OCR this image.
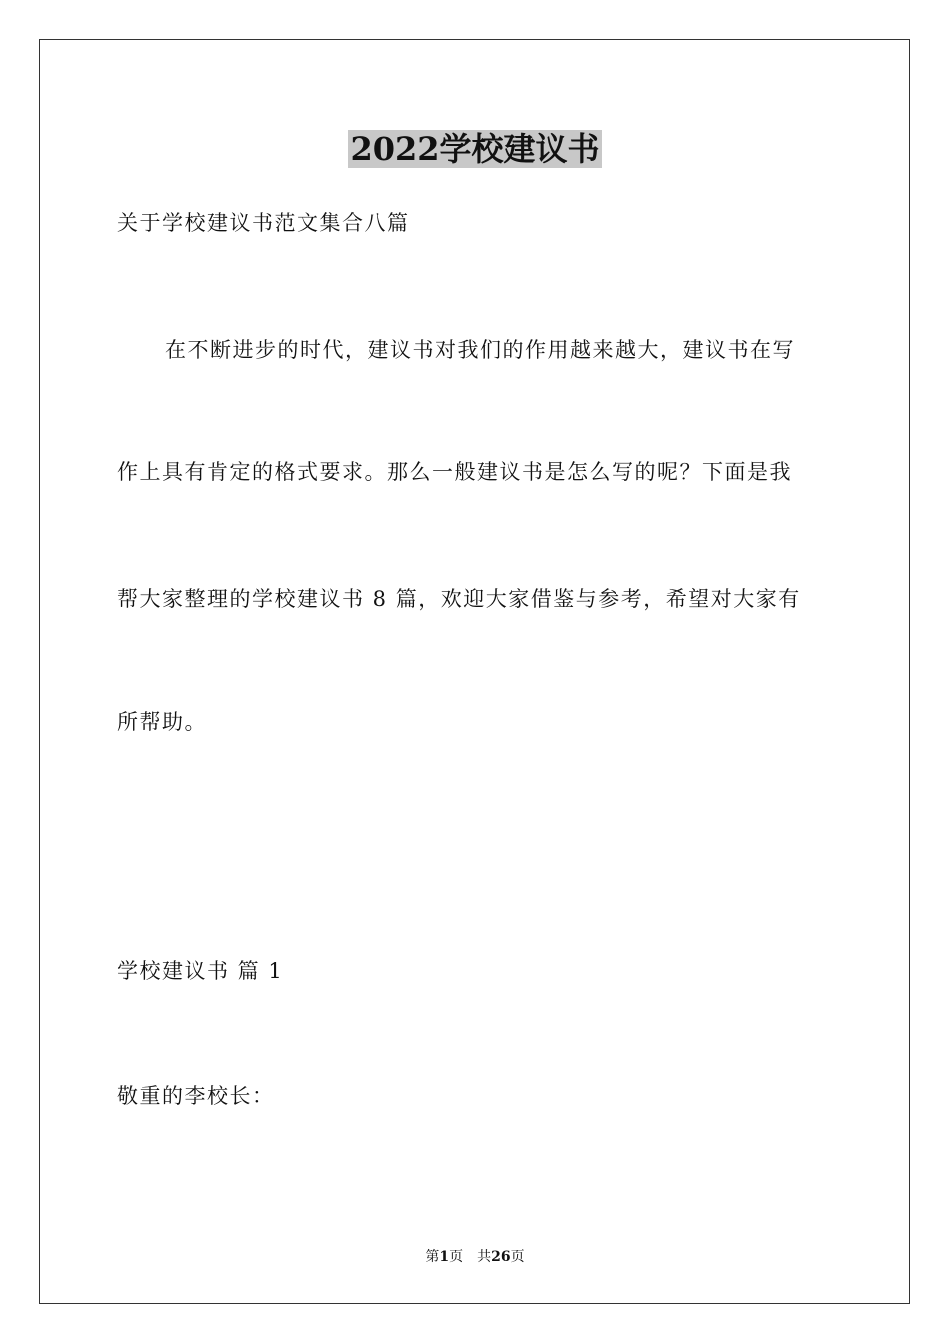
2022学校建议书
关于学校建议书范文集合八篇
在不断进步的时代，建议书对我们的作用越来越大，建议书在写
作上具有肯定的格式要求。那么一般建议书是怎么写的呢？下面是我
帮大家整理的学校建议书 8 篇，欢迎大家借鉴与参考，希望对大家有
所帮助。
学校建议书 篇 1
敬重的李校长：
第1页 共26页
